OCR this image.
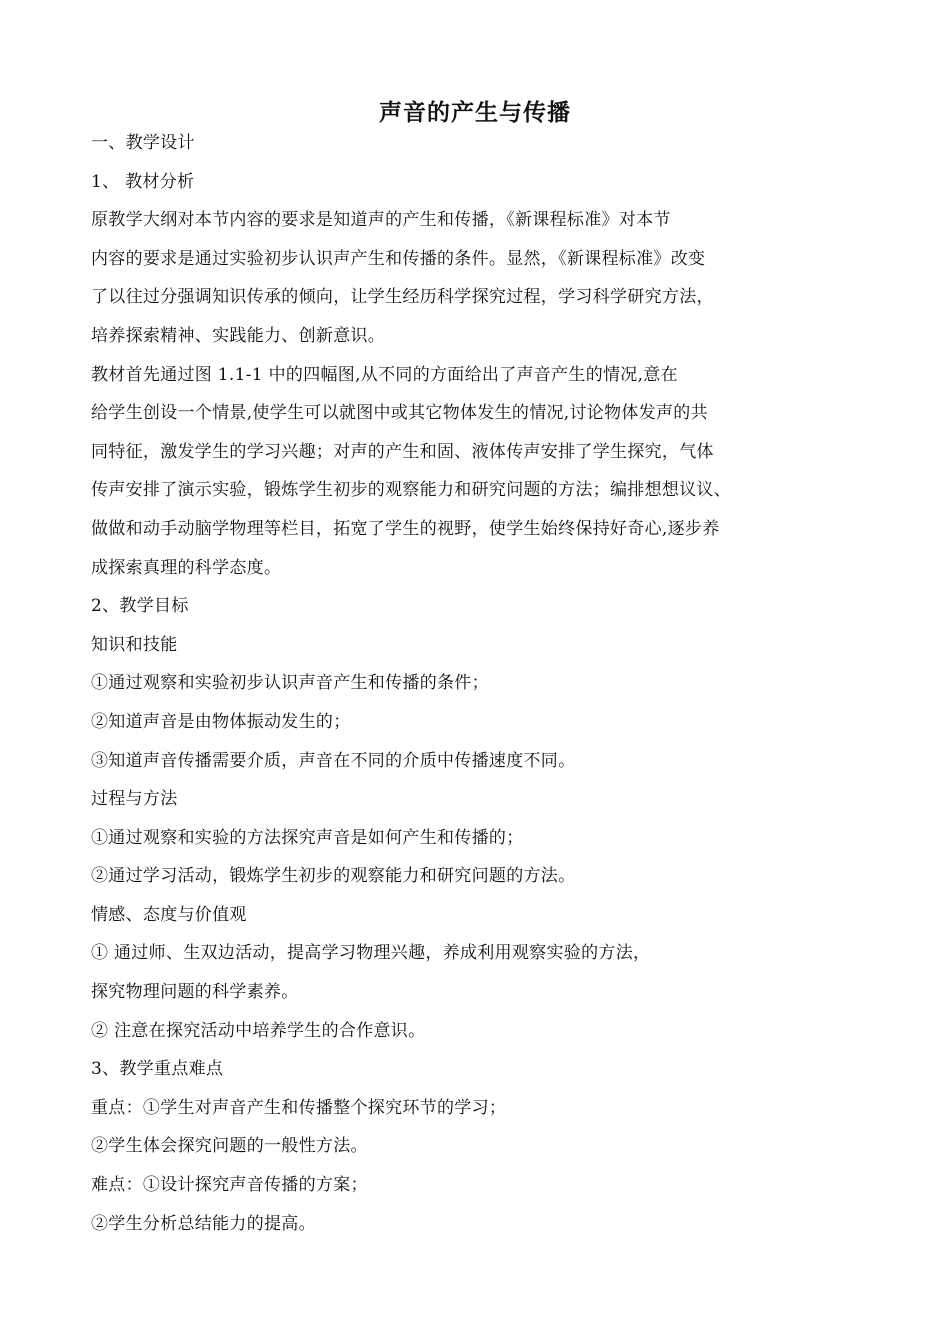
声音的产生与传播
一、教学设计
1、 教材分析
原教学大纲对本节内容的要求是知道声的产生和传播，《新课程标准》对本节
内容的要求是通过实验初步认识声产生和传播的条件。显然，《新课程标准》改变
了以往过分强调知识传承的倾向，让学生经历科学探究过程，学习科学研究方法，
培养探索精神、实践能力、创新意识。
教材首先通过图 1.1-1 中的四幅图,从不同的方面给出了声音产生的情况,意在
给学生创设一个情景,使学生可以就图中或其它物体发生的情况,讨论物体发声的共
同特征，激发学生的学习兴趣；对声的产生和固、液体传声安排了学生探究，气体
传声安排了演示实验，锻炼学生初步的观察能力和研究问题的方法；编排想想议议、
做做和动手动脑学物理等栏目，拓宽了学生的视野，使学生始终保持好奇心,逐步养
成探索真理的科学态度。
2、教学目标
知识和技能
①通过观察和实验初步认识声音产生和传播的条件；
②知道声音是由物体振动发生的；
③知道声音传播需要介质，声音在不同的介质中传播速度不同。
过程与方法
①通过观察和实验的方法探究声音是如何产生和传播的；
②通过学习活动，锻炼学生初步的观察能力和研究问题的方法。
情感、态度与价值观
① 通过师、生双边活动，提高学习物理兴趣，养成利用观察实验的方法，
探究物理问题的科学素养。
② 注意在探究活动中培养学生的合作意识。
3、教学重点难点
重点：①学生对声音产生和传播整个探究环节的学习；
②学生体会探究问题的一般性方法。
难点：①设计探究声音传播的方案；
②学生分析总结能力的提高。
